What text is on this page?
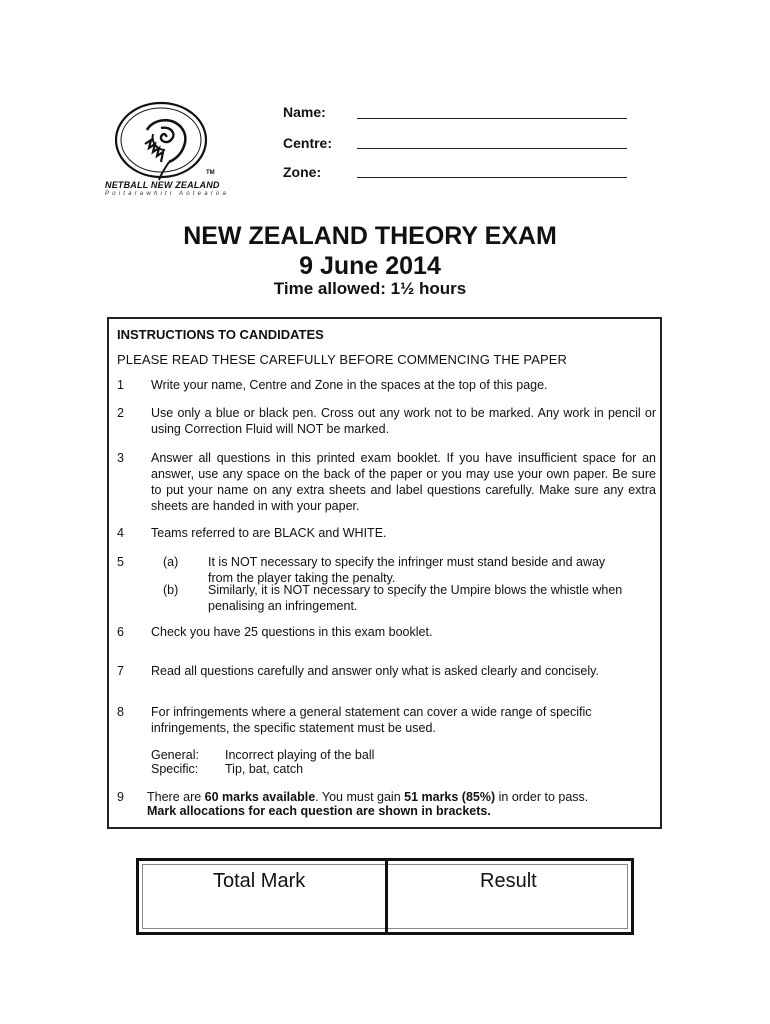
TM
NETBALL NEW ZEALAND
Poitarawhiti Aotearoa
Name:
Centre:
Zone:
NEW ZEALAND THEORY EXAM
9 June 2014
Time allowed: 1½ hours
INSTRUCTIONS TO CANDIDATES
PLEASE READ THESE CAREFULLY BEFORE COMMENCING THE PAPER
1 Write your name, Centre and Zone in the spaces at the top of this page.
2 Use only a blue or black pen. Cross out any work not to be marked. Any work in pencil or using Correction Fluid will NOT be marked.
3 Answer all questions in this printed exam booklet. If you have insufficient space for an answer, use any space on the back of the paper or you may use your own paper. Be sure to put your name on any extra sheets and label questions carefully. Make sure any extra sheets are handed in with your paper.
4 Teams referred to are BLACK and WHITE.
5	(a) It is NOT necessary to specify the infringer must stand beside and away from the player taking the penalty.
(b) Similarly, it is NOT necessary to specify the Umpire blows the whistle when penalising an infringement.
6 Check you have 25 questions in this exam booklet.
7 Read all questions carefully and answer only what is asked clearly and concisely.
8 For infringements where a general statement can cover a wide range of specific infringements, the specific statement must be used.
General: Incorrect playing of the ball
Specific: Tip, bat, catch
9 There are 60 marks available. You must gain 51 marks (85%) in order to pass.
Mark allocations for each question are shown in brackets.
Total Mark	Result
